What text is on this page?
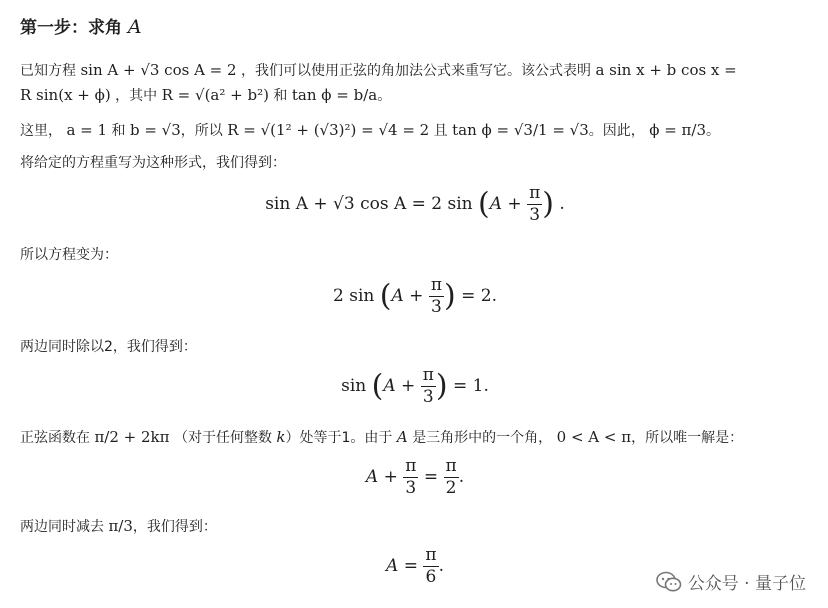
第一步：求角 A
已知方程 sin A + √3 cos A = 2 ，我们可以使用正弦的角加法公式来重写它。该公式表明 a sin x + b cos x =
R sin(x + ϕ) ，其中 R = √(a² + b²) 和 tan ϕ = b/a。
这里， a = 1 和 b = √3，所以 R = √(1² + (√3)²) = √4 = 2 且 tan ϕ = √3/1 = √3。因此， ϕ = π/3。
将给定的方程重写为这种形式，我们得到：
sin A + √3 cos A = 2 $\sin (A + \frac{\pi}{3}$ ) .
所以方程变为：
2 $\sin (A + \frac{\pi}{3}$ ) = 2.
两边同时除以2，我们得到：
$\sin (A + \frac{\pi}{3}$ ) = 1.
正弦函数在 π/2 + 2kπ （对于任何整数 k）处等于1。由于 A 是三角形中的一个角， 0 < A < π，所以唯一解是：
$A + \frac{\pi}{3} = \frac{\pi}{2}$ .
两边同时减去 π/3，我们得到：
$A = \frac{\pi}{6}$ .
公众号 · 量子位
